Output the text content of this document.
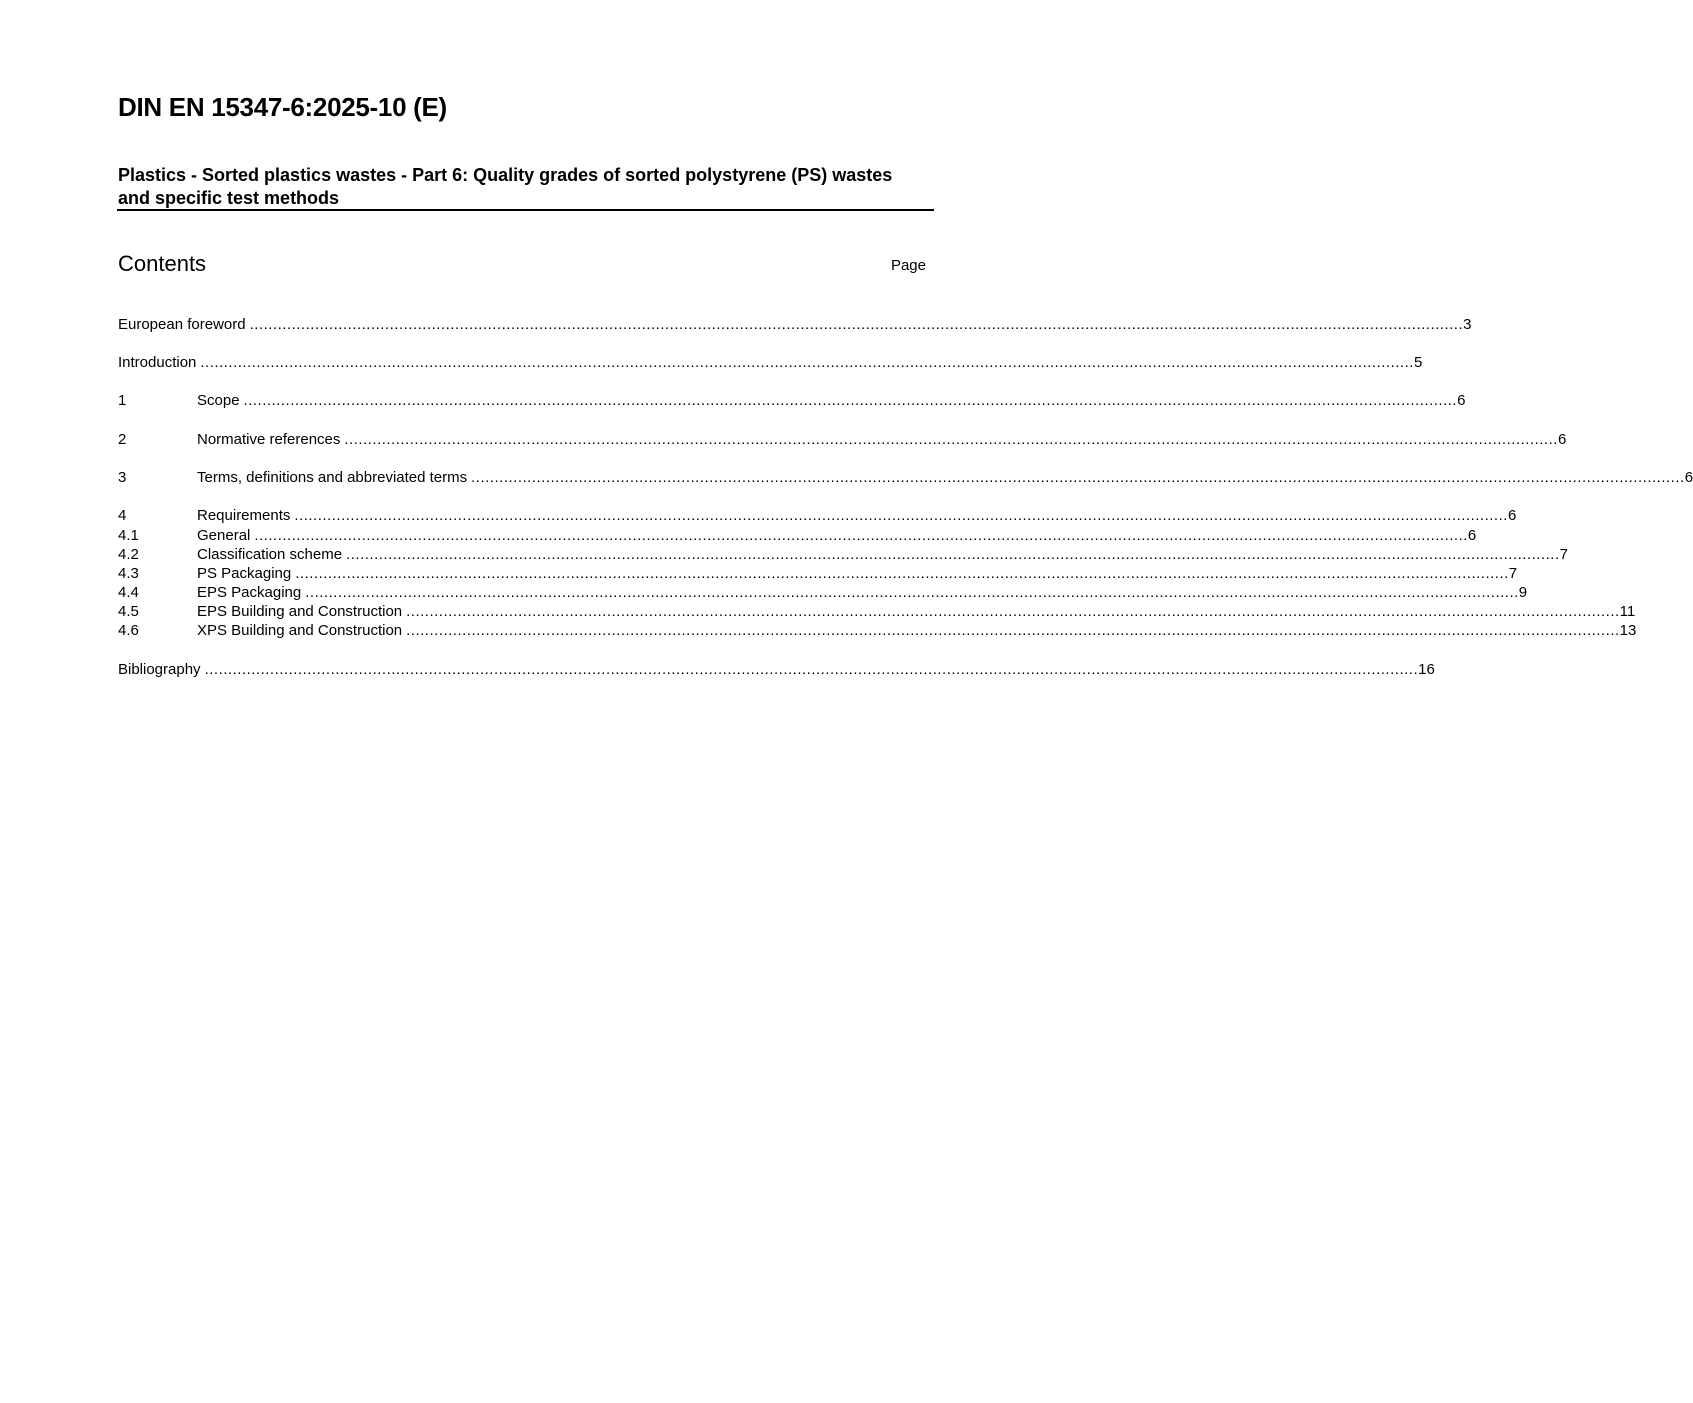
DIN EN 15347-6:2025-10 (E)
Plastics - Sorted plastics wastes - Part 6: Quality grades of sorted polystyrene (PS) wastes and specific test methods
Contents	Page
European foreword .................................................................................................................................................................................................................................................................... 3
Introduction .................................................................................................................................................................................................................................................................... 5
1	Scope .................................................................................................................................................................................................................................................................... 6
2	Normative references .................................................................................................................................................................................................................................................................... 6
3	Terms, definitions and abbreviated terms .................................................................................................................................................................................................................................................................... 6
4	Requirements .................................................................................................................................................................................................................................................................... 6
4.1	General .................................................................................................................................................................................................................................................................... 6
4.2	Classification scheme .................................................................................................................................................................................................................................................................... 7
4.3	PS Packaging .................................................................................................................................................................................................................................................................... 7
4.4	EPS Packaging .................................................................................................................................................................................................................................................................... 9
4.5	EPS Building and Construction .................................................................................................................................................................................................................................................................... 11
4.6	XPS Building and Construction .................................................................................................................................................................................................................................................................... 13
Bibliography .................................................................................................................................................................................................................................................................... 16
